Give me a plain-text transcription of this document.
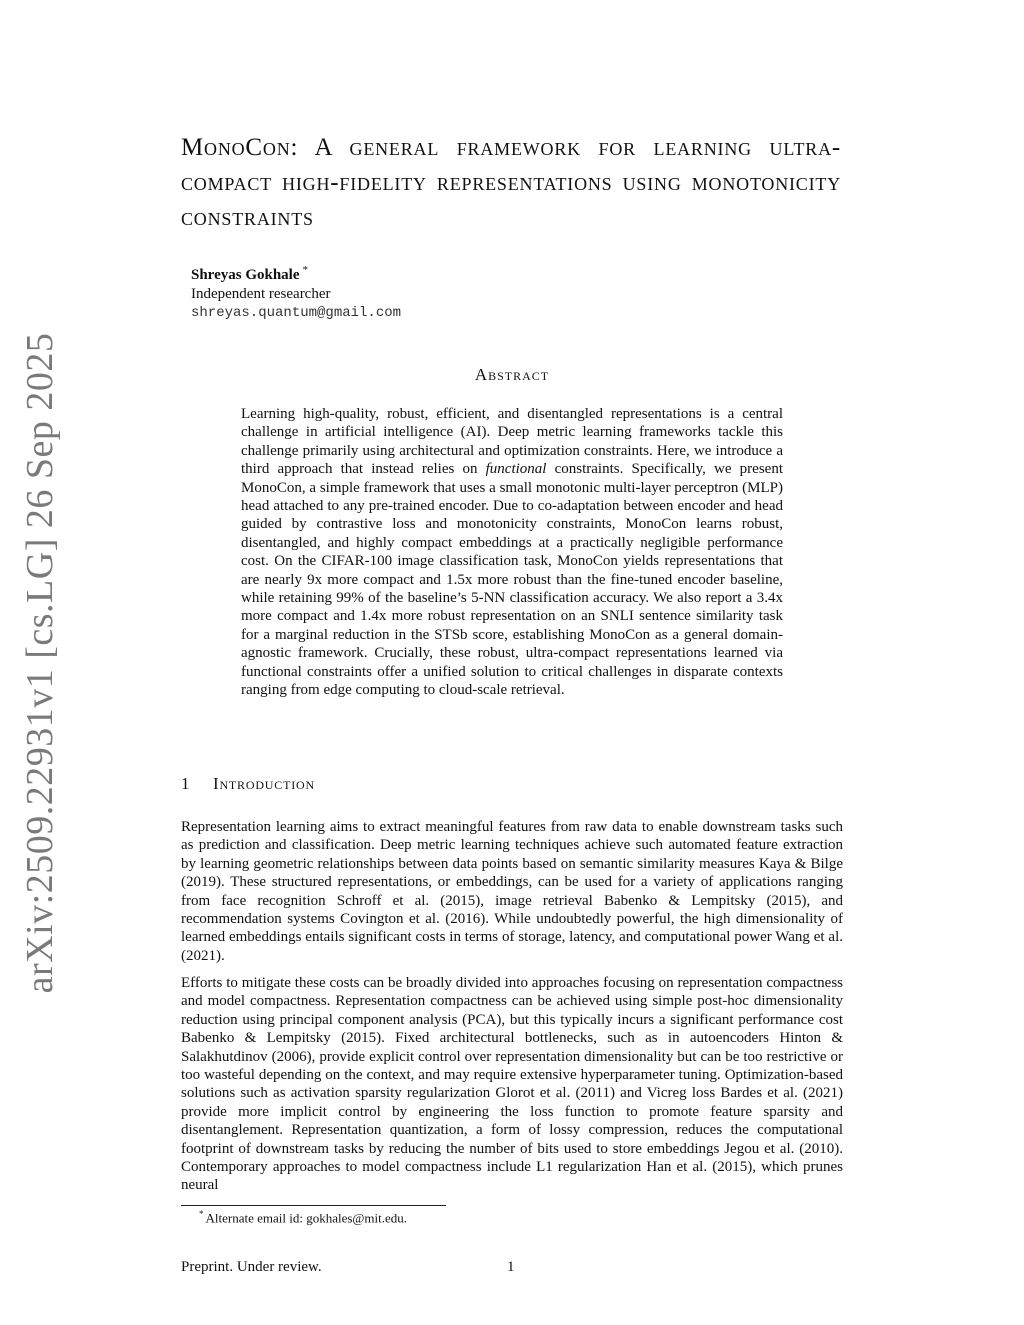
arXiv:2509.22931v1 [cs.LG] 26 Sep 2025
MonoCon: A general framework for learning ultra-compact high-fidelity representations using monotonicity constraints
Shreyas Gokhale *
Independent researcher
shreyas.quantum@gmail.com
Abstract

Learning high-quality, robust, efficient, and disentangled representations is a central challenge in artificial intelligence (AI). Deep metric learning frameworks tackle this challenge primarily using architectural and optimization constraints. Here, we introduce a third approach that instead relies on functional constraints. Specifically, we present MonoCon, a simple framework that uses a small monotonic multi-layer perceptron (MLP) head attached to any pre-trained encoder. Due to co-adaptation between encoder and head guided by contrastive loss and monotonicity constraints, MonoCon learns robust, disentangled, and highly compact embeddings at a practically negligible performance cost. On the CIFAR-100 image classification task, MonoCon yields representations that are nearly 9x more compact and 1.5x more robust than the fine-tuned encoder baseline, while retaining 99% of the baseline’s 5-NN classification accuracy. We also report a 3.4x more compact and 1.4x more robust representation on an SNLI sentence similarity task for a marginal reduction in the STSb score, establishing MonoCon as a general domain-agnostic framework. Crucially, these robust, ultra-compact representations learned via functional constraints offer a unified solution to critical challenges in disparate contexts ranging from edge computing to cloud-scale retrieval.

1 Introduction

Representation learning aims to extract meaningful features from raw data to enable downstream tasks such as prediction and classification. Deep metric learning techniques achieve such automated feature extraction by learning geometric relationships between data points based on semantic similarity measures Kaya & Bilge (2019). These structured representations, or embeddings, can be used for a variety of applications ranging from face recognition Schroff et al. (2015), image retrieval Babenko & Lempitsky (2015), and recommendation systems Covington et al. (2016). While undoubtedly powerful, the high dimensionality of learned embeddings entails significant costs in terms of storage, latency, and computational power Wang et al. (2021).

Efforts to mitigate these costs can be broadly divided into approaches focusing on representation compactness and model compactness. Representation compactness can be achieved using simple post-hoc dimensionality reduction using principal component analysis (PCA), but this typically incurs a significant performance cost Babenko & Lempitsky (2015). Fixed architectural bottlenecks, such as in autoencoders Hinton & Salakhutdinov (2006), provide explicit control over representation dimensionality but can be too restrictive or too wasteful depending on the context, and may require extensive hyperparameter tuning. Optimization-based solutions such as activation sparsity regularization Glorot et al. (2011) and Vicreg loss Bardes et al. (2021) provide more implicit control by engineering the loss function to promote feature sparsity and disentanglement. Representation quantization, a form of lossy compression, reduces the computational footprint of downstream tasks by reducing the number of bits used to store embeddings Jegou et al. (2010). Contemporary approaches to model compactness include L1 regularization Han et al. (2015), which prunes neural

* Alternate email id: gokhales@mit.edu.
Preprint. Under review.	1
